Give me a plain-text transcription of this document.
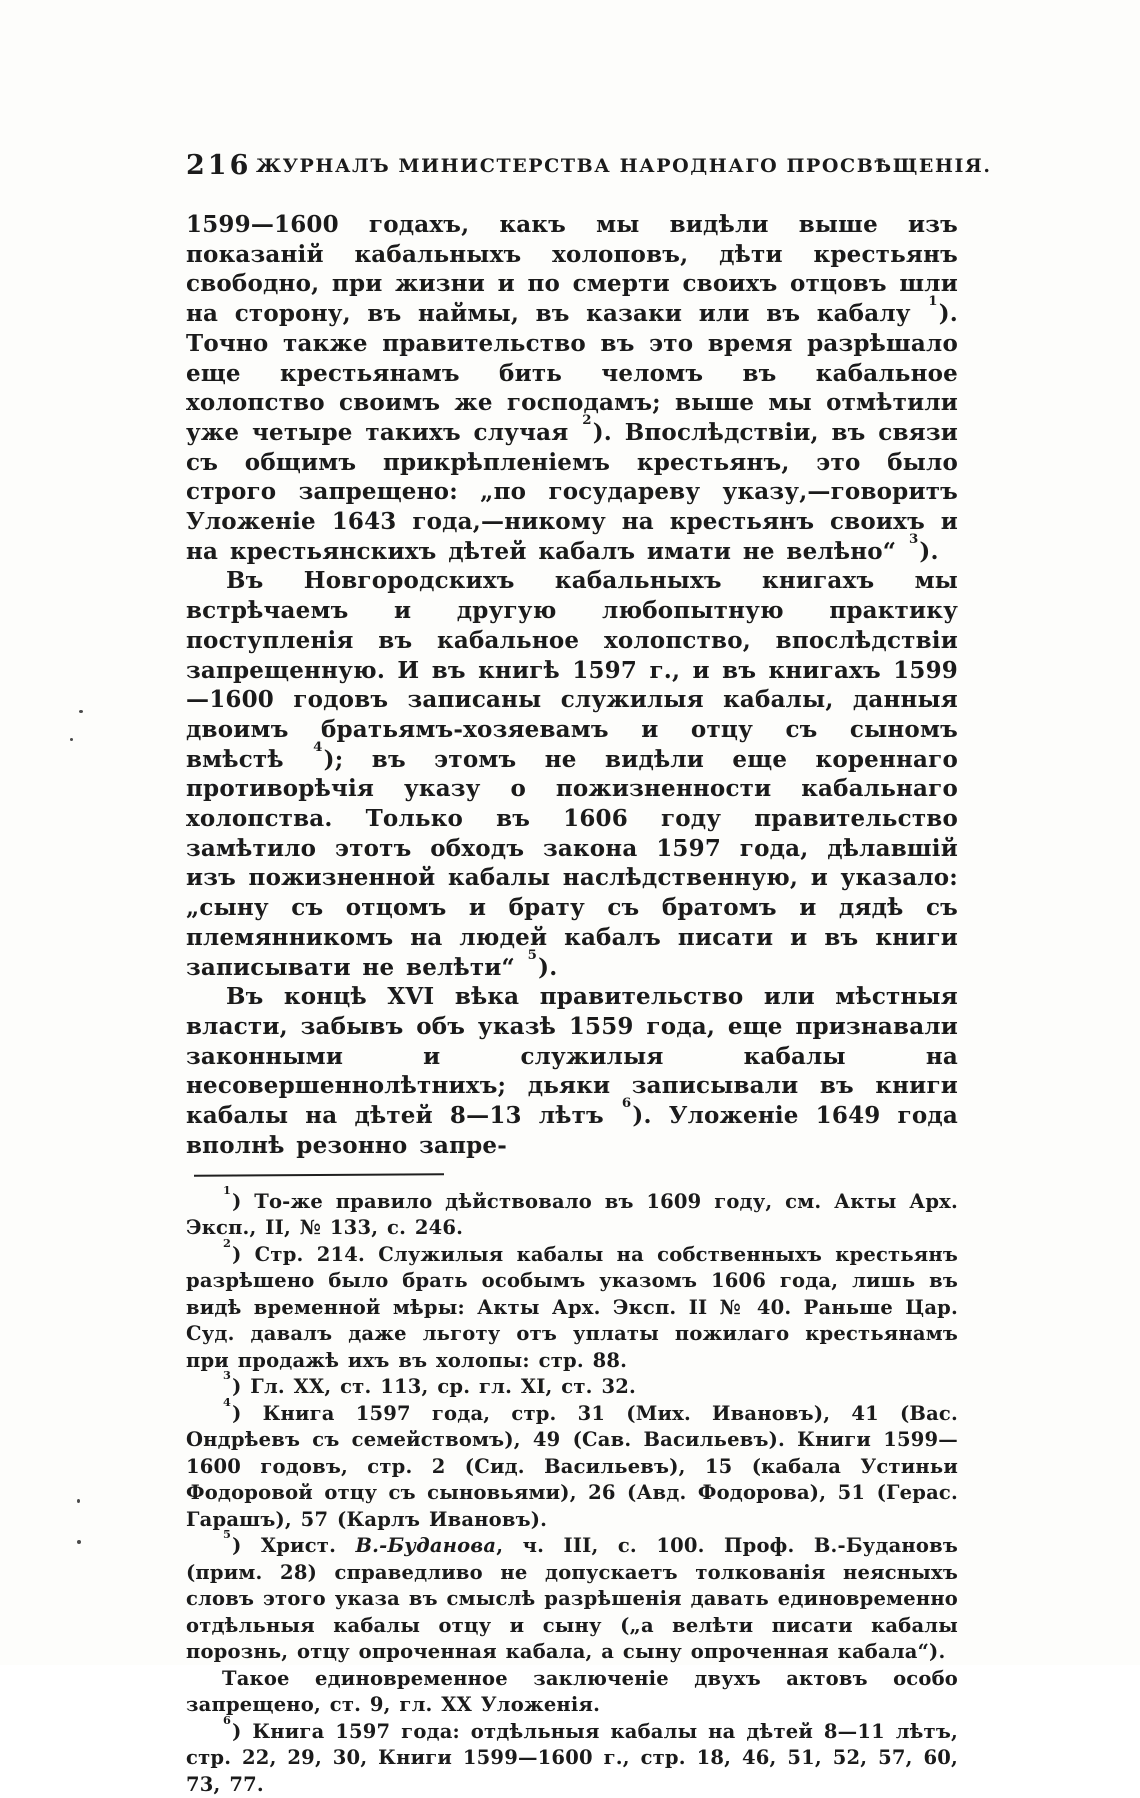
216 ЖУРНАЛЪ МИНИСТЕРСТВА НАРОДНАГО ПРОСВѢЩЕНІЯ.

1599—1600 годахъ, какъ мы видѣли выше изъ показаній кабальныхъ холоповъ, дѣти крестьянъ свободно, при жизни и по смерти своихъ отцовъ шли на сторону, въ наймы, въ казаки или въ кабалу $^1$). Точно также правительство въ это время разрѣшало еще крестьянамъ бить челомъ въ кабальное холопство своимъ же господамъ; выше мы отмѣтили уже четыре такихъ случая $^2$). Впослѣдствіи, въ связи съ общимъ прикрѣпленіемъ крестьянъ, это было строго запрещено: „по государеву указу,—говоритъ Уложеніе 1643 года,—никому на крестьянъ своихъ и на крестьянскихъ дѣтей кабалъ имати не велѣно“ $^3$).

Въ Новгородскихъ кабальныхъ книгахъ мы встрѣчаемъ и другую любопытную практику поступленія въ кабальное холопство, впослѣдствіи запрещенную. И въ книгѣ 1597 г., и въ книгахъ 1599—1600 годовъ записаны служилыя кабалы, данныя двоимъ братьямъ-хозяевамъ и отцу съ сыномъ вмѣстѣ $^4$); въ этомъ не видѣли еще кореннаго противорѣчія указу о пожизненности кабальнаго холопства. Только въ 1606 году правительство замѣтило этотъ обходъ закона 1597 года, дѣлавшій изъ пожизненной кабалы наслѣдственную, и указало: „сыну съ отцомъ и брату съ братомъ и дядѣ съ племянникомъ на людей кабалъ писати и въ книги записывати не велѣти“ $^5$).

Въ концѣ XVI вѣка правительство или мѣстныя власти, забывъ объ указѣ 1559 года, еще признавали законными и служилыя кабалы на несовершеннолѣтнихъ; дьяки записывали въ книги кабалы на дѣтей 8—13 лѣтъ $^6$). Уложеніе 1649 года вполнѣ резонно запре-

$^1$) То-же правило дѣйствовало въ 1609 году, см. Акты Арх. Эксп., II, № 133, с. 246.

$^2$) Стр. 214. Служилыя кабалы на собственныхъ крестьянъ разрѣшено было брать особымъ указомъ 1606 года, лишь въ видѣ временной мѣры: Акты Арх. Эксп. II № 40. Раньше Цар. Суд. давалъ даже льготу отъ уплаты пожилаго крестьянамъ при продажѣ ихъ въ холопы: стр. 88.

$^3$) Гл. XX, ст. 113, ср. гл. XI, ст. 32.

$^4$) Книга 1597 года, стр. 31 (Мих. Ивановъ), 41 (Вас. Ондрѣевъ съ семействомъ), 49 (Сав. Васильевъ). Книги 1599—1600 годовъ, стр. 2 (Сид. Васильевъ), 15 (кабала Устиньи Фодоровой отцу съ сыновьями), 26 (Авд. Фодорова), 51 (Герас. Гарашъ), 57 (Карлъ Ивановъ).

$^5$) Христ. В.-Буданова, ч. III, с. 100. Проф. В.-Будановъ (прим. 28) справедливо не допускаетъ толкованія неясныхъ словъ этого указа въ смыслѣ разрѣшенія давать единовременно отдѣльныя кабалы отцу и сыну („а велѣти писати кабалы порознь, отцу опроченная кабала, а сыну опроченная кабала“).

Такое единовременное заключеніе двухъ актовъ особо запрещено, ст. 9, гл. XX Уложенія.

$^6$) Книга 1597 года: отдѣльныя кабалы на дѣтей 8—11 лѣтъ, стр. 22, 29, 30, Книги 1599—1600 г., стр. 18, 46, 51, 52, 57, 60, 73, 77.
